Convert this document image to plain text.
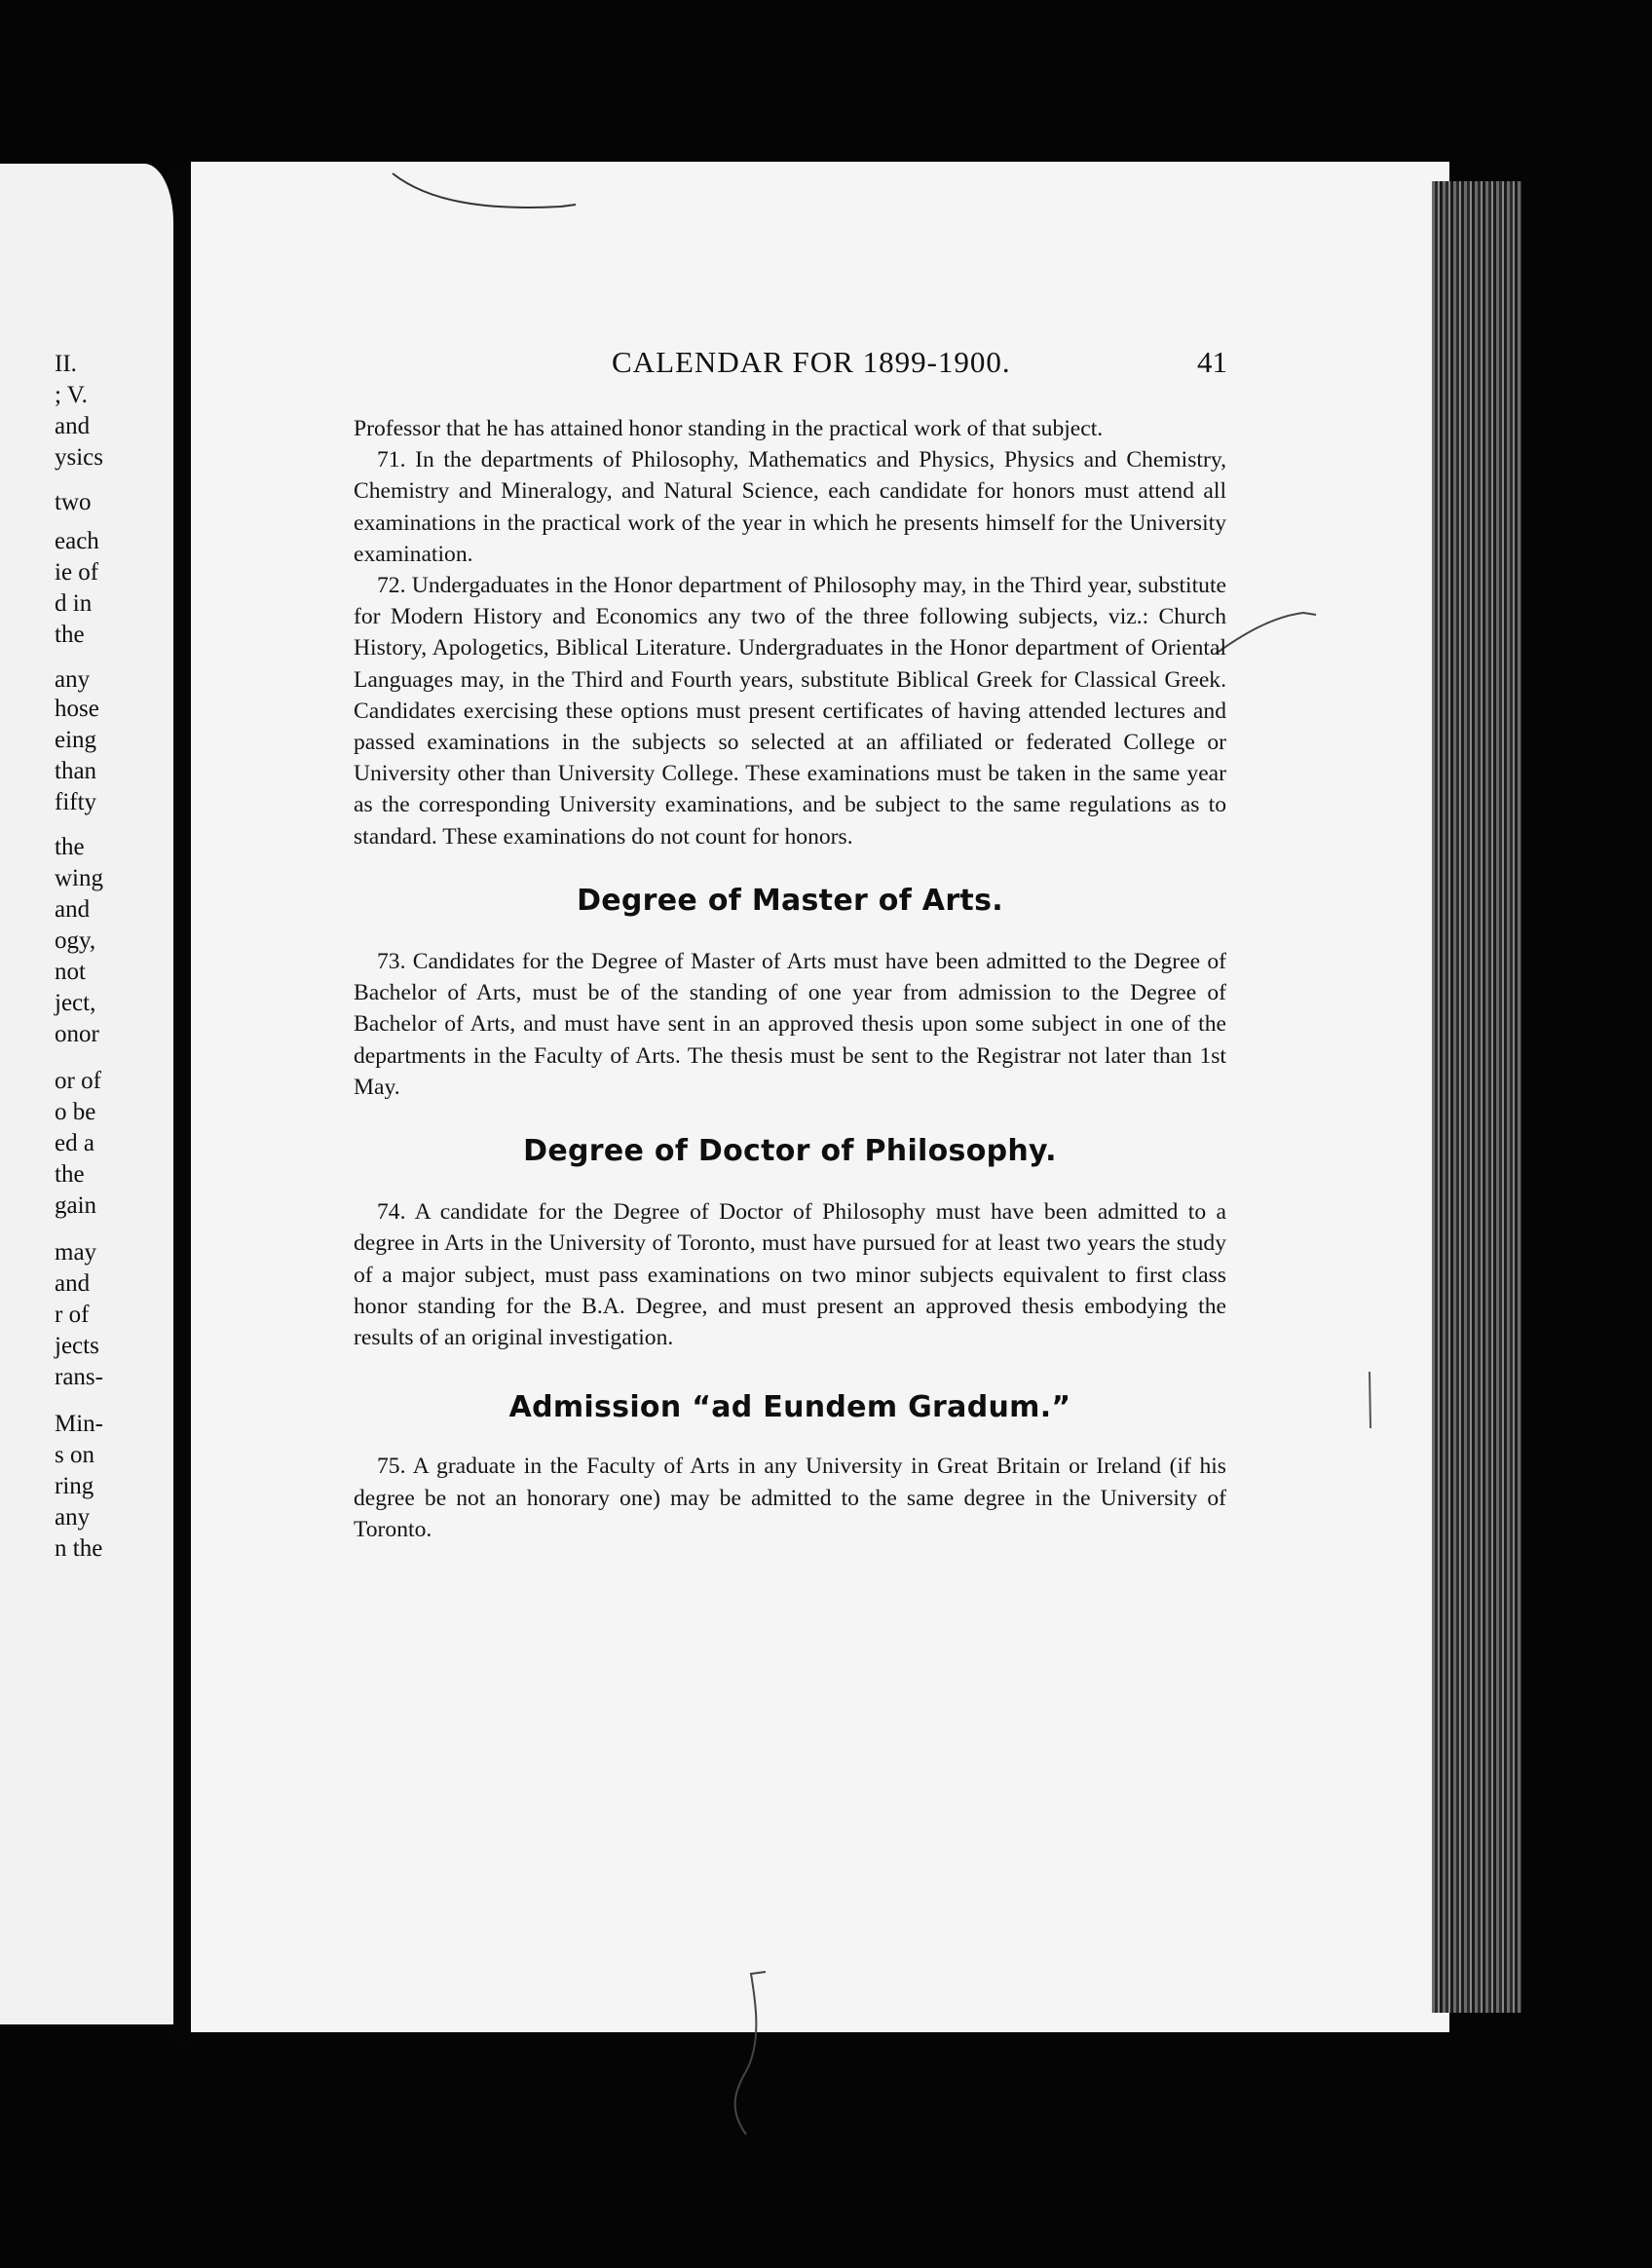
II.
; V.
and
ysics
two
each
ie of
d in
the
any
hose
eing
than
fifty
the
wing
and
ogy,
not
ject,
onor
or of
o be
ed a
the
gain
may
and
r of
jects
rans-
Min-
s on
ring
any
n the
CALENDAR FOR 1899-1900.	41

Professor that he has attained honor standing in the practical work of that subject.

71. In the departments of Philosophy, Mathematics and Physics, Physics and Chemistry, Chemistry and Mineralogy, and Natural Science, each candidate for honors must attend all examinations in the practical work of the year in which he presents himself for the University examination.

72. Undergaduates in the Honor department of Philosophy may, in the Third year, substitute for Modern History and Economics any two of the three following subjects, viz.: Church History, Apologetics, Biblical Literature. Undergraduates in the Honor department of Oriental Languages may, in the Third and Fourth years, substitute Biblical Greek for Classical Greek. Candidates exercising these options must present certificates of having attended lectures and passed examinations in the subjects so selected at an affiliated or federated College or University other than University College. These examinations must be taken in the same year as the corresponding University examinations, and be subject to the same regulations as to standard. These examinations do not count for honors.

Degree of Master of Arts.

73. Candidates for the Degree of Master of Arts must have been admitted to the Degree of Bachelor of Arts, must be of the standing of one year from admission to the Degree of Bachelor of Arts, and must have sent in an approved thesis upon some subject in one of the departments in the Faculty of Arts. The thesis must be sent to the Registrar not later than 1st May.

Degree of Doctor of Philosophy.

74. A candidate for the Degree of Doctor of Philosophy must have been admitted to a degree in Arts in the University of Toronto, must have pursued for at least two years the study of a major subject, must pass examinations on two minor subjects equivalent to first class honor standing for the B.A. Degree, and must present an approved thesis embodying the results of an original investigation.

Admission “ad Eundem Gradum.”

75. A graduate in the Faculty of Arts in any University in Great Britain or Ireland (if his degree be not an honorary one) may be admitted to the same degree in the University of Toronto.
